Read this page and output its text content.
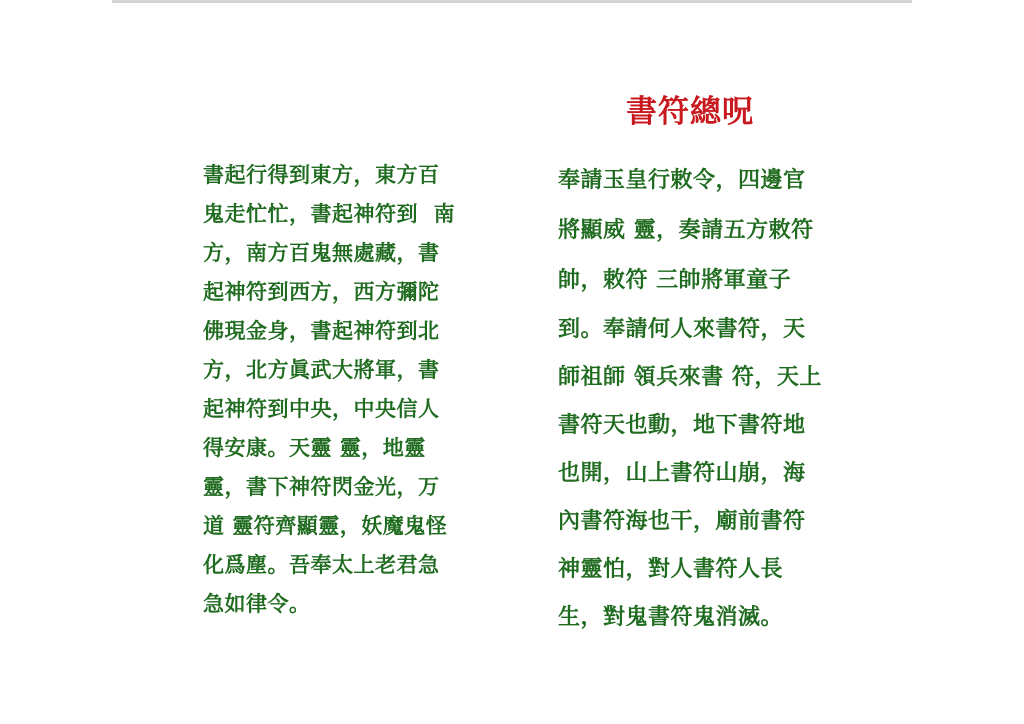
書符總呪
書起行得到東方，東方百
鬼走忙忙，書起神符到  南
方，南方百鬼無處藏，書
起神符到西方，西方彌陀
佛現金身，書起神符到北
方，北方眞武大將軍，書
起神符到中央，中央信人
得安康。天靈 靈，地靈
靈，書下神符閃金光，万
道 靈符齊顯靈，妖魔鬼怪
化爲塵。吾奉太上老君急
急如律令。
奉請玉皇行敕令，四邊官
將顯威 靈，奏請五方敕符
帥，敕符 三帥將軍童子
到。奉請何人來書符，天
師祖師 領兵來書 符，天上
書符天也動，地下書符地
也開，山上書符山崩，海
內書符海也干，廟前書符
神靈怕，對人書符人長
生，對鬼書符鬼消滅。
